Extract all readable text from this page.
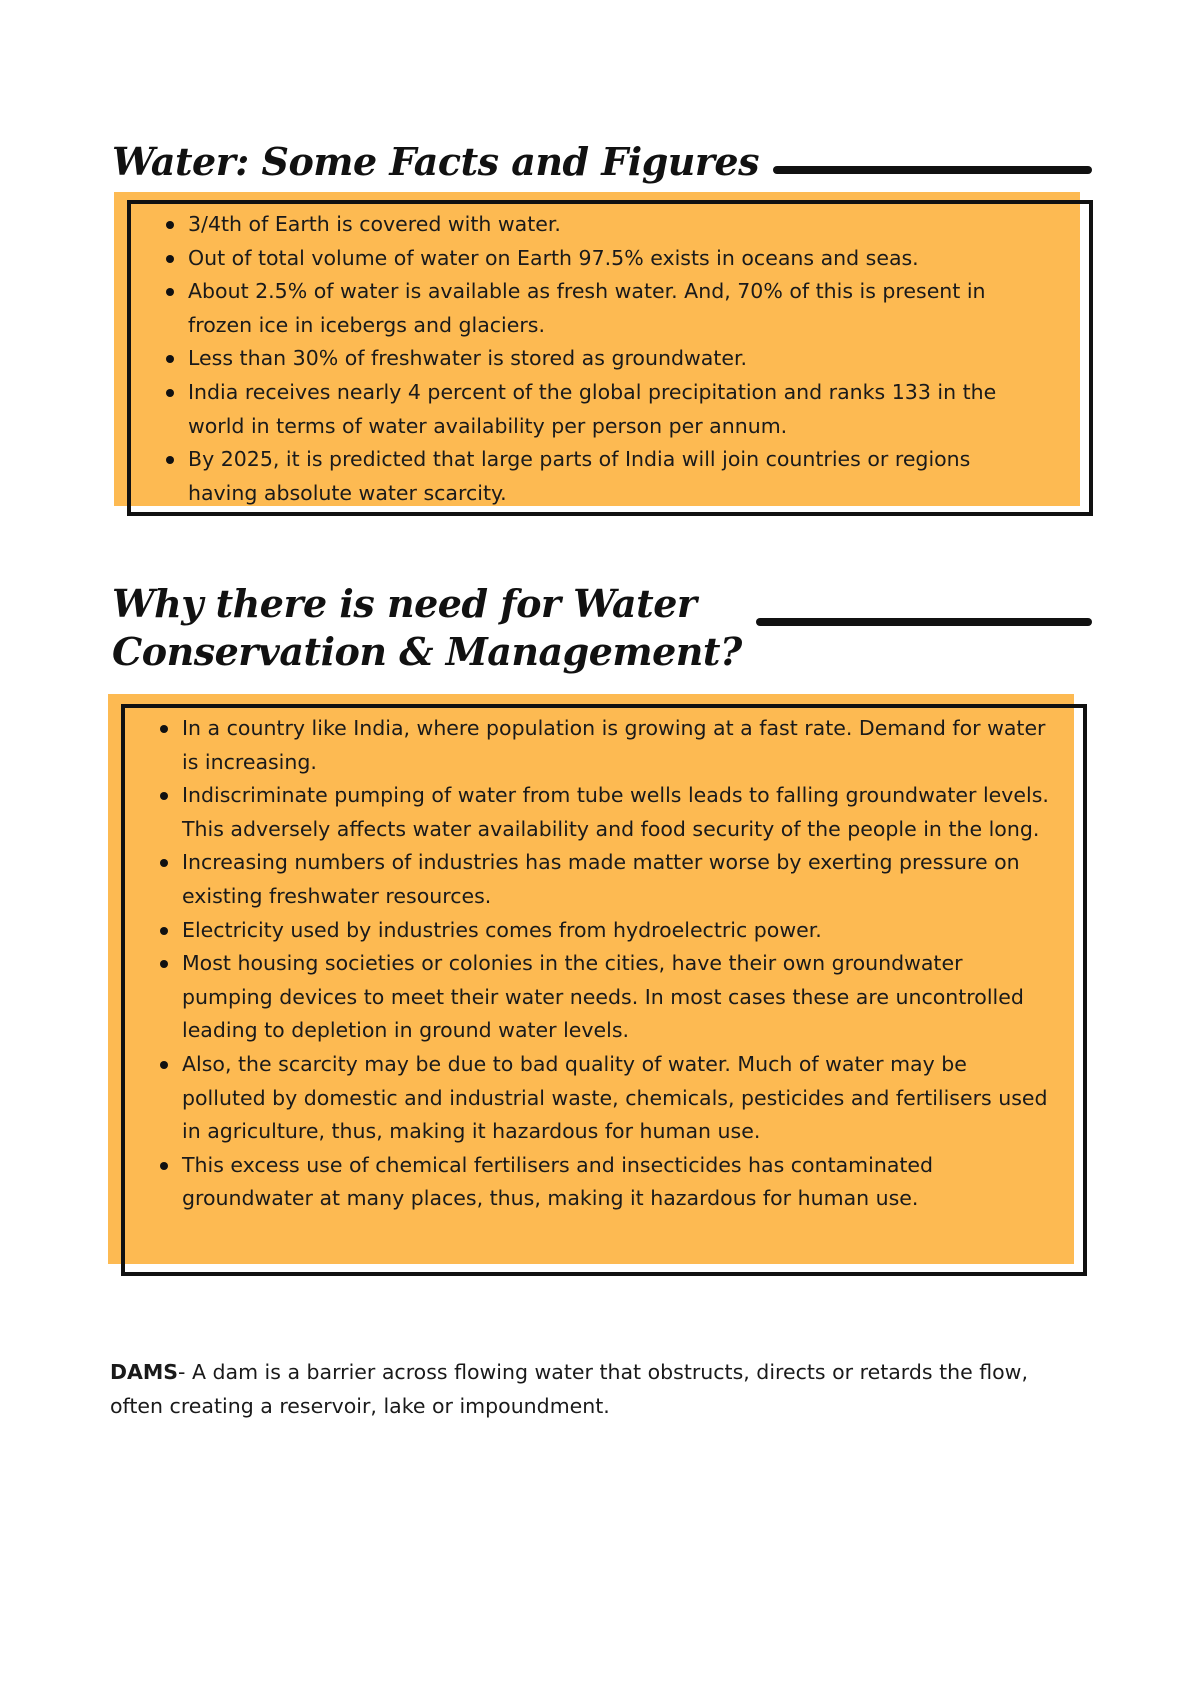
Water: Some Facts and Figures
3/4th of Earth is covered with water.
Out of total volume of water on Earth 97.5% exists in oceans and seas.
About 2.5% of water is available as fresh water. And, 70% of this is present in frozen ice in icebergs and glaciers.
Less than 30% of freshwater is stored as groundwater.
India receives nearly 4 percent of the global precipitation and ranks 133 in the world in terms of water availability per person per annum.
By 2025, it is predicted that large parts of India will join countries or regions having absolute water scarcity.
Why there is need for Water
Conservation & Management?
In a country like India, where population is growing at a fast rate. Demand for water is increasing.
Indiscriminate pumping of water from tube wells leads to falling groundwater levels. This adversely affects water availability and food security of the people in the long.
Increasing numbers of industries has made matter worse by exerting pressure on existing freshwater resources.
Electricity used by industries comes from hydroelectric power.
Most housing societies or colonies in the cities, have their own groundwater pumping devices to meet their water needs. In most cases these are uncontrolled leading to depletion in ground water levels.
Also, the scarcity may be due to bad quality of water. Much of water may be polluted by domestic and industrial waste, chemicals, pesticides and fertilisers used in agriculture, thus, making it hazardous for human use.
This excess use of chemical fertilisers and insecticides has contaminated groundwater at many places, thus, making it hazardous for human use.

DAMS- A dam is a barrier across flowing water that obstructs, directs or retards the flow, often creating a reservoir, lake or impoundment.
